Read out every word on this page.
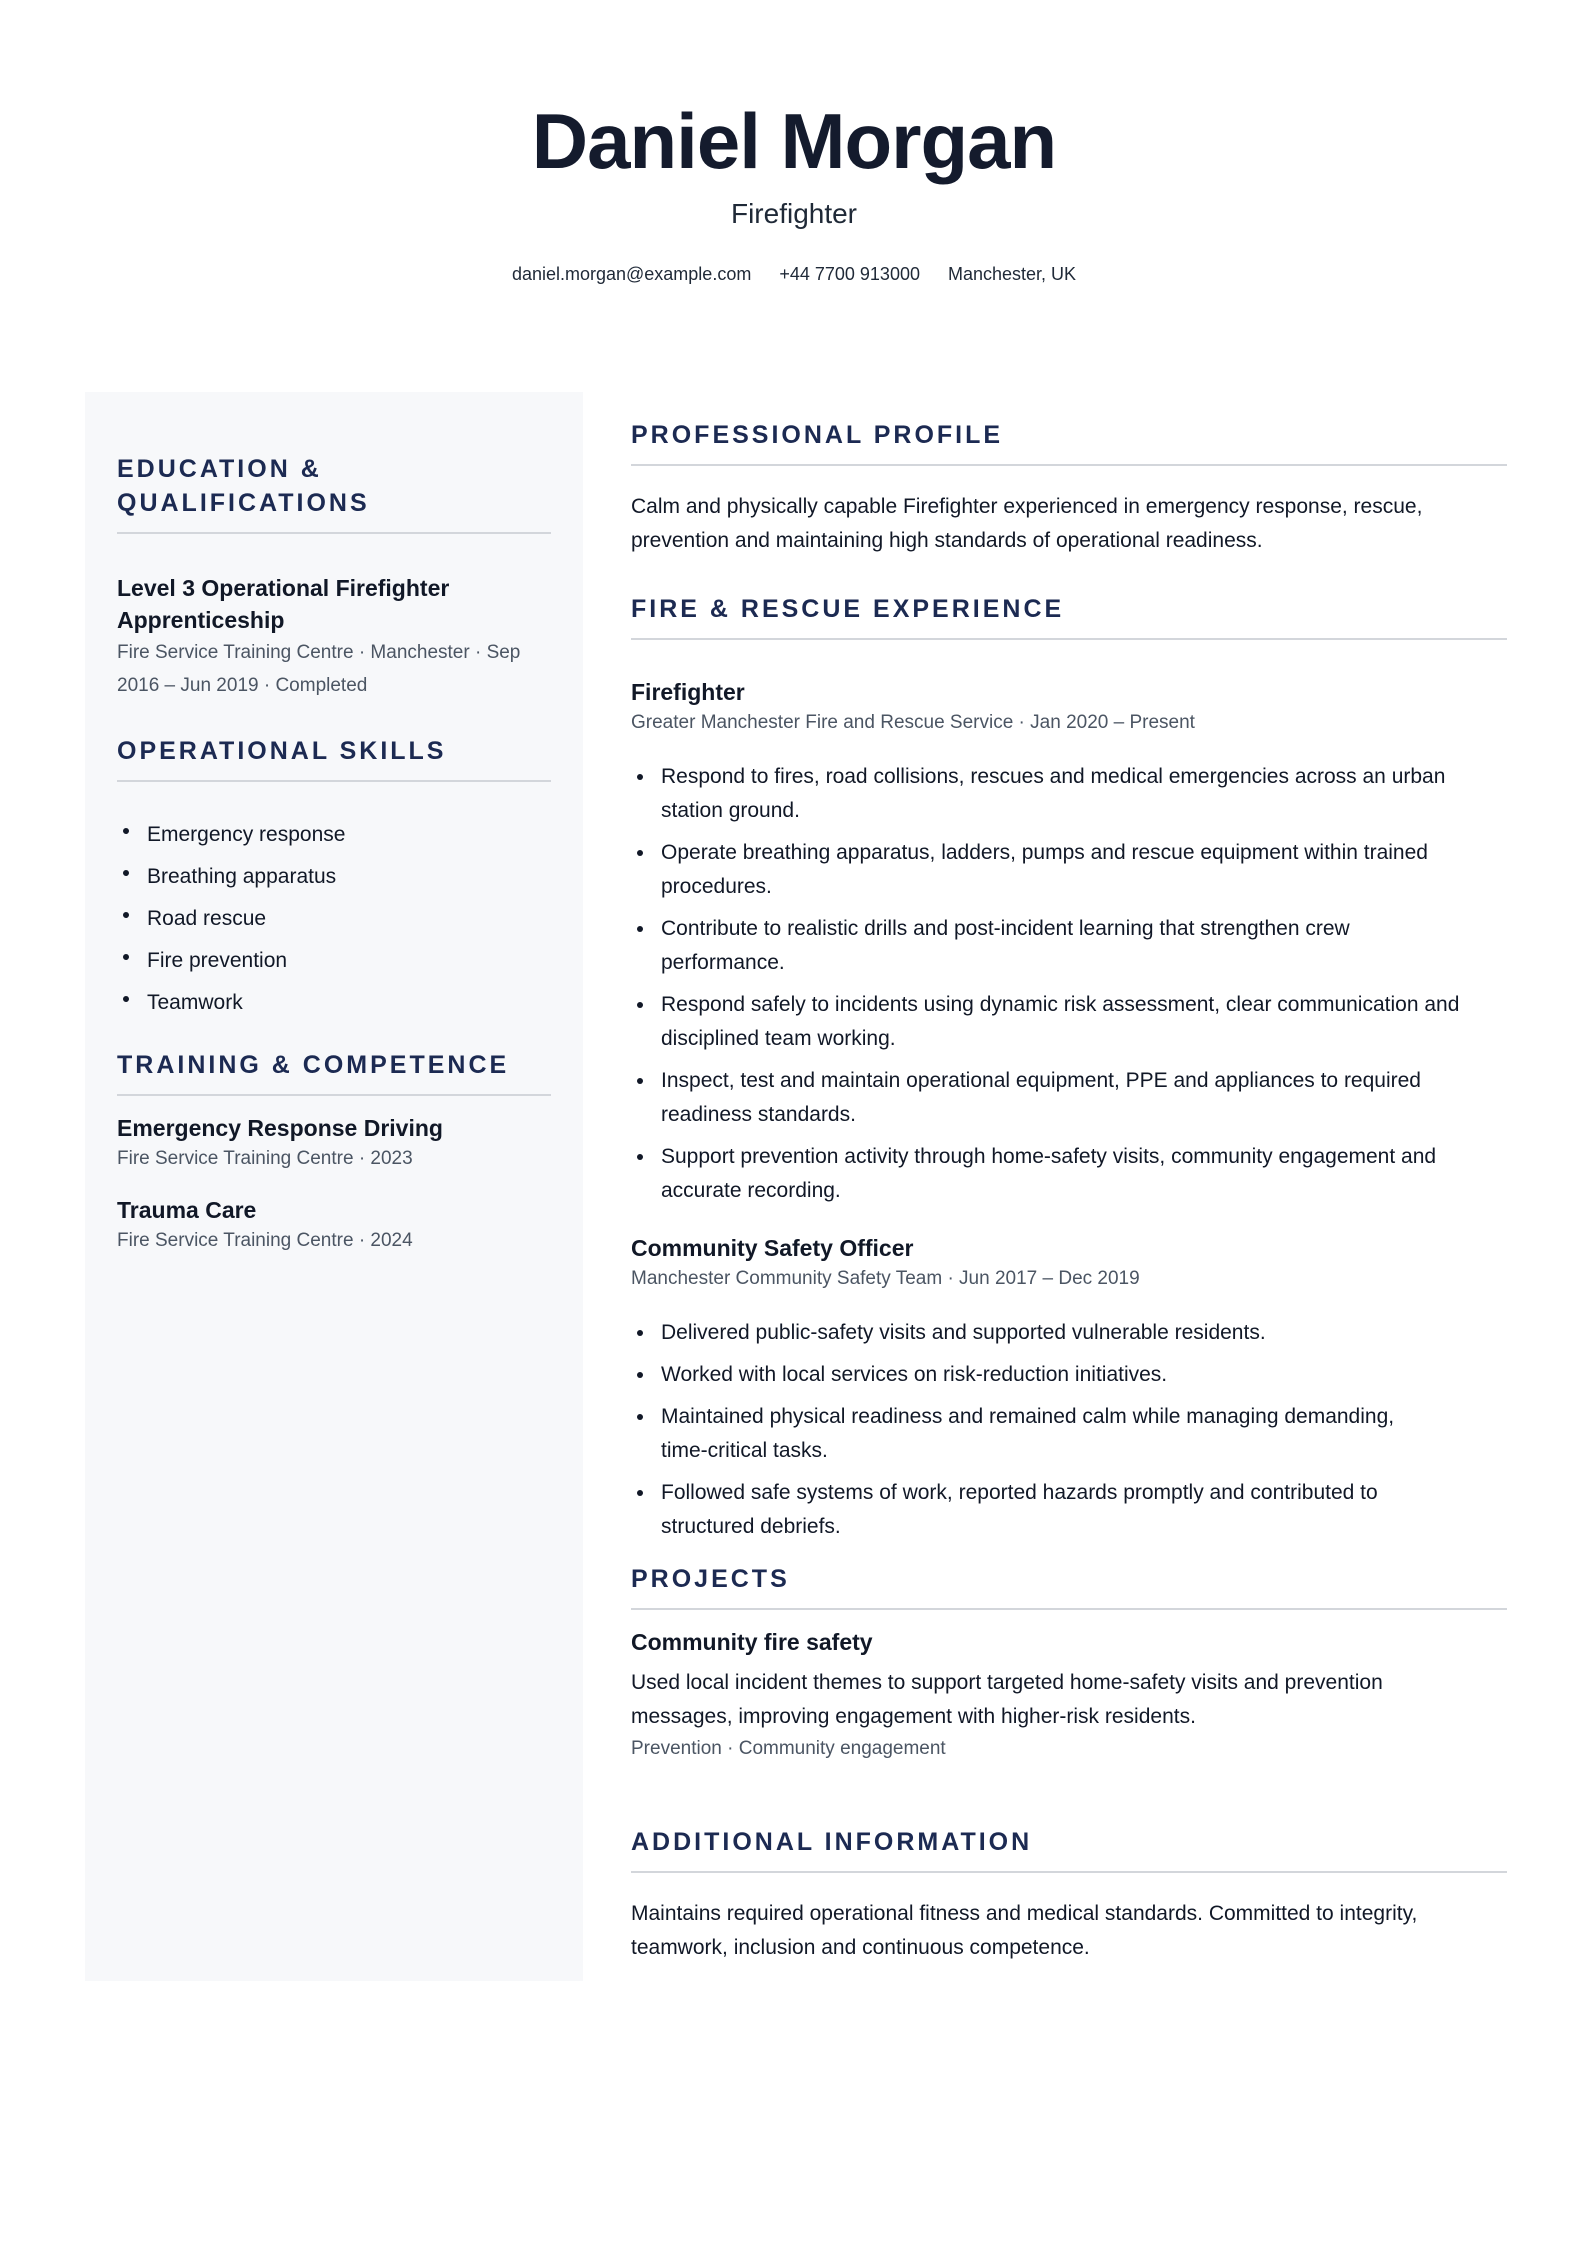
Daniel Morgan
Firefighter
daniel.morgan@example.com +44 7700 913000 Manchester, UK
EDUCATION &
QUALIFICATIONS
Level 3 Operational Firefighter
Apprenticeship
Fire Service Training Centre · Manchester · Sep
2016 – Jun 2019 · Completed
OPERATIONAL SKILLS
Emergency response
Breathing apparatus
Road rescue
Fire prevention
Teamwork
TRAINING & COMPETENCE
Emergency Response Driving
Fire Service Training Centre · 2023
Trauma Care
Fire Service Training Centre · 2024
PROFESSIONAL PROFILE
Calm and physically capable Firefighter experienced in emergency response, rescue,
prevention and maintaining high standards of operational readiness.
FIRE & RESCUE EXPERIENCE
Firefighter
Greater Manchester Fire and Rescue Service · Jan 2020 – Present
Respond to fires, road collisions, rescues and medical emergencies across an urban
station ground.
Operate breathing apparatus, ladders, pumps and rescue equipment within trained
procedures.
Contribute to realistic drills and post-incident learning that strengthen crew
performance.
Respond safely to incidents using dynamic risk assessment, clear communication and
disciplined team working.
Inspect, test and maintain operational equipment, PPE and appliances to required
readiness standards.
Support prevention activity through home-safety visits, community engagement and
accurate recording.
Community Safety Officer
Manchester Community Safety Team · Jun 2017 – Dec 2019
Delivered public-safety visits and supported vulnerable residents.
Worked with local services on risk-reduction initiatives.
Maintained physical readiness and remained calm while managing demanding,
time-critical tasks.
Followed safe systems of work, reported hazards promptly and contributed to
structured debriefs.
PROJECTS
Community fire safety
Used local incident themes to support targeted home-safety visits and prevention
messages, improving engagement with higher-risk residents.
Prevention · Community engagement
ADDITIONAL INFORMATION
Maintains required operational fitness and medical standards. Committed to integrity,
teamwork, inclusion and continuous competence.
